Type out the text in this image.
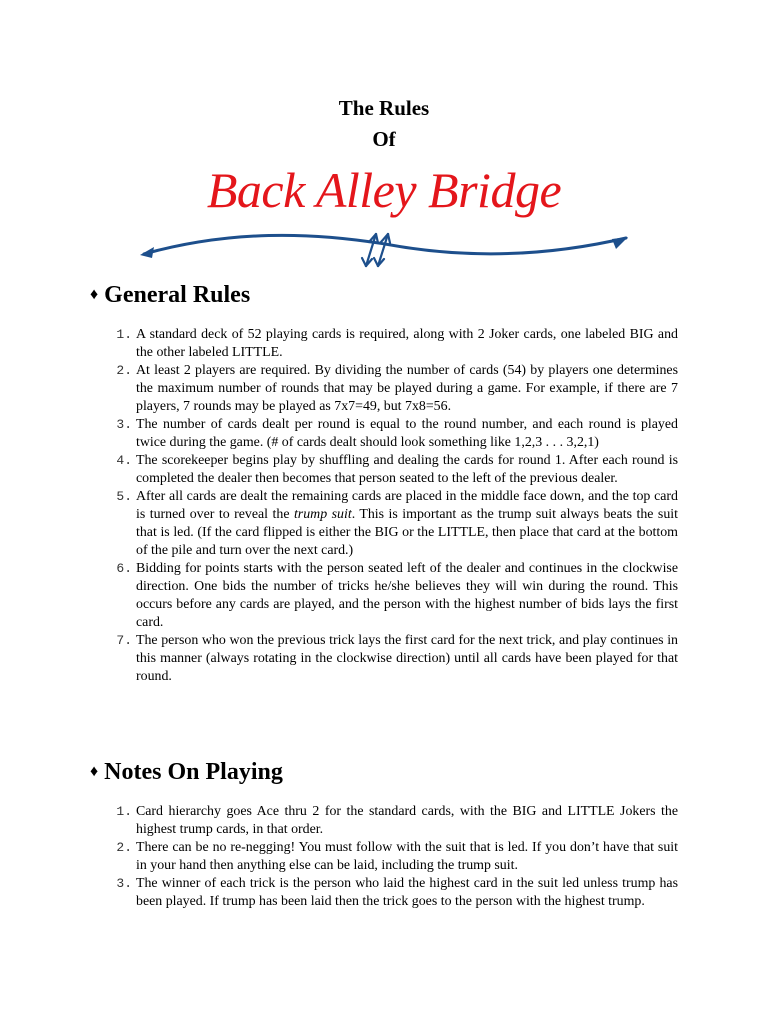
The Rules
Of
Back Alley Bridge
♦ General Rules
1. A standard deck of 52 playing cards is required, along with 2 Joker cards, one labeled BIG and the other labeled LITTLE.
2. At least 2 players are required. By dividing the number of cards (54) by players one determines the maximum number of rounds that may be played during a game. For example, if there are 7 players, 7 rounds may be played as 7x7=49, but 7x8=56.
3. The number of cards dealt per round is equal to the round number, and each round is played twice during the game. (# of cards dealt should look something like 1,2,3 . . . 3,2,1)
4. The scorekeeper begins play by shuffling and dealing the cards for round 1. After each round is completed the dealer then becomes that person seated to the left of the previous dealer.
5. After all cards are dealt the remaining cards are placed in the middle face down, and the top card is turned over to reveal the trump suit. This is important as the trump suit always beats the suit that is led. (If the card flipped is either the BIG or the LITTLE, then place that card at the bottom of the pile and turn over the next card.)
6. Bidding for points starts with the person seated left of the dealer and continues in the clockwise direction. One bids the number of tricks he/she believes they will win during the round. This occurs before any cards are played, and the person with the highest number of bids lays the first card.
7. The person who won the previous trick lays the first card for the next trick, and play continues in this manner (always rotating in the clockwise direction) until all cards have been played for that round.
♦ Notes On Playing
1. Card hierarchy goes Ace thru 2 for the standard cards, with the BIG and LITTLE Jokers the highest trump cards, in that order.
2. There can be no re-negging! You must follow with the suit that is led. If you don’t have that suit in your hand then anything else can be laid, including the trump suit.
3. The winner of each trick is the person who laid the highest card in the suit led unless trump has been played. If trump has been laid then the trick goes to the person with the highest trump.
